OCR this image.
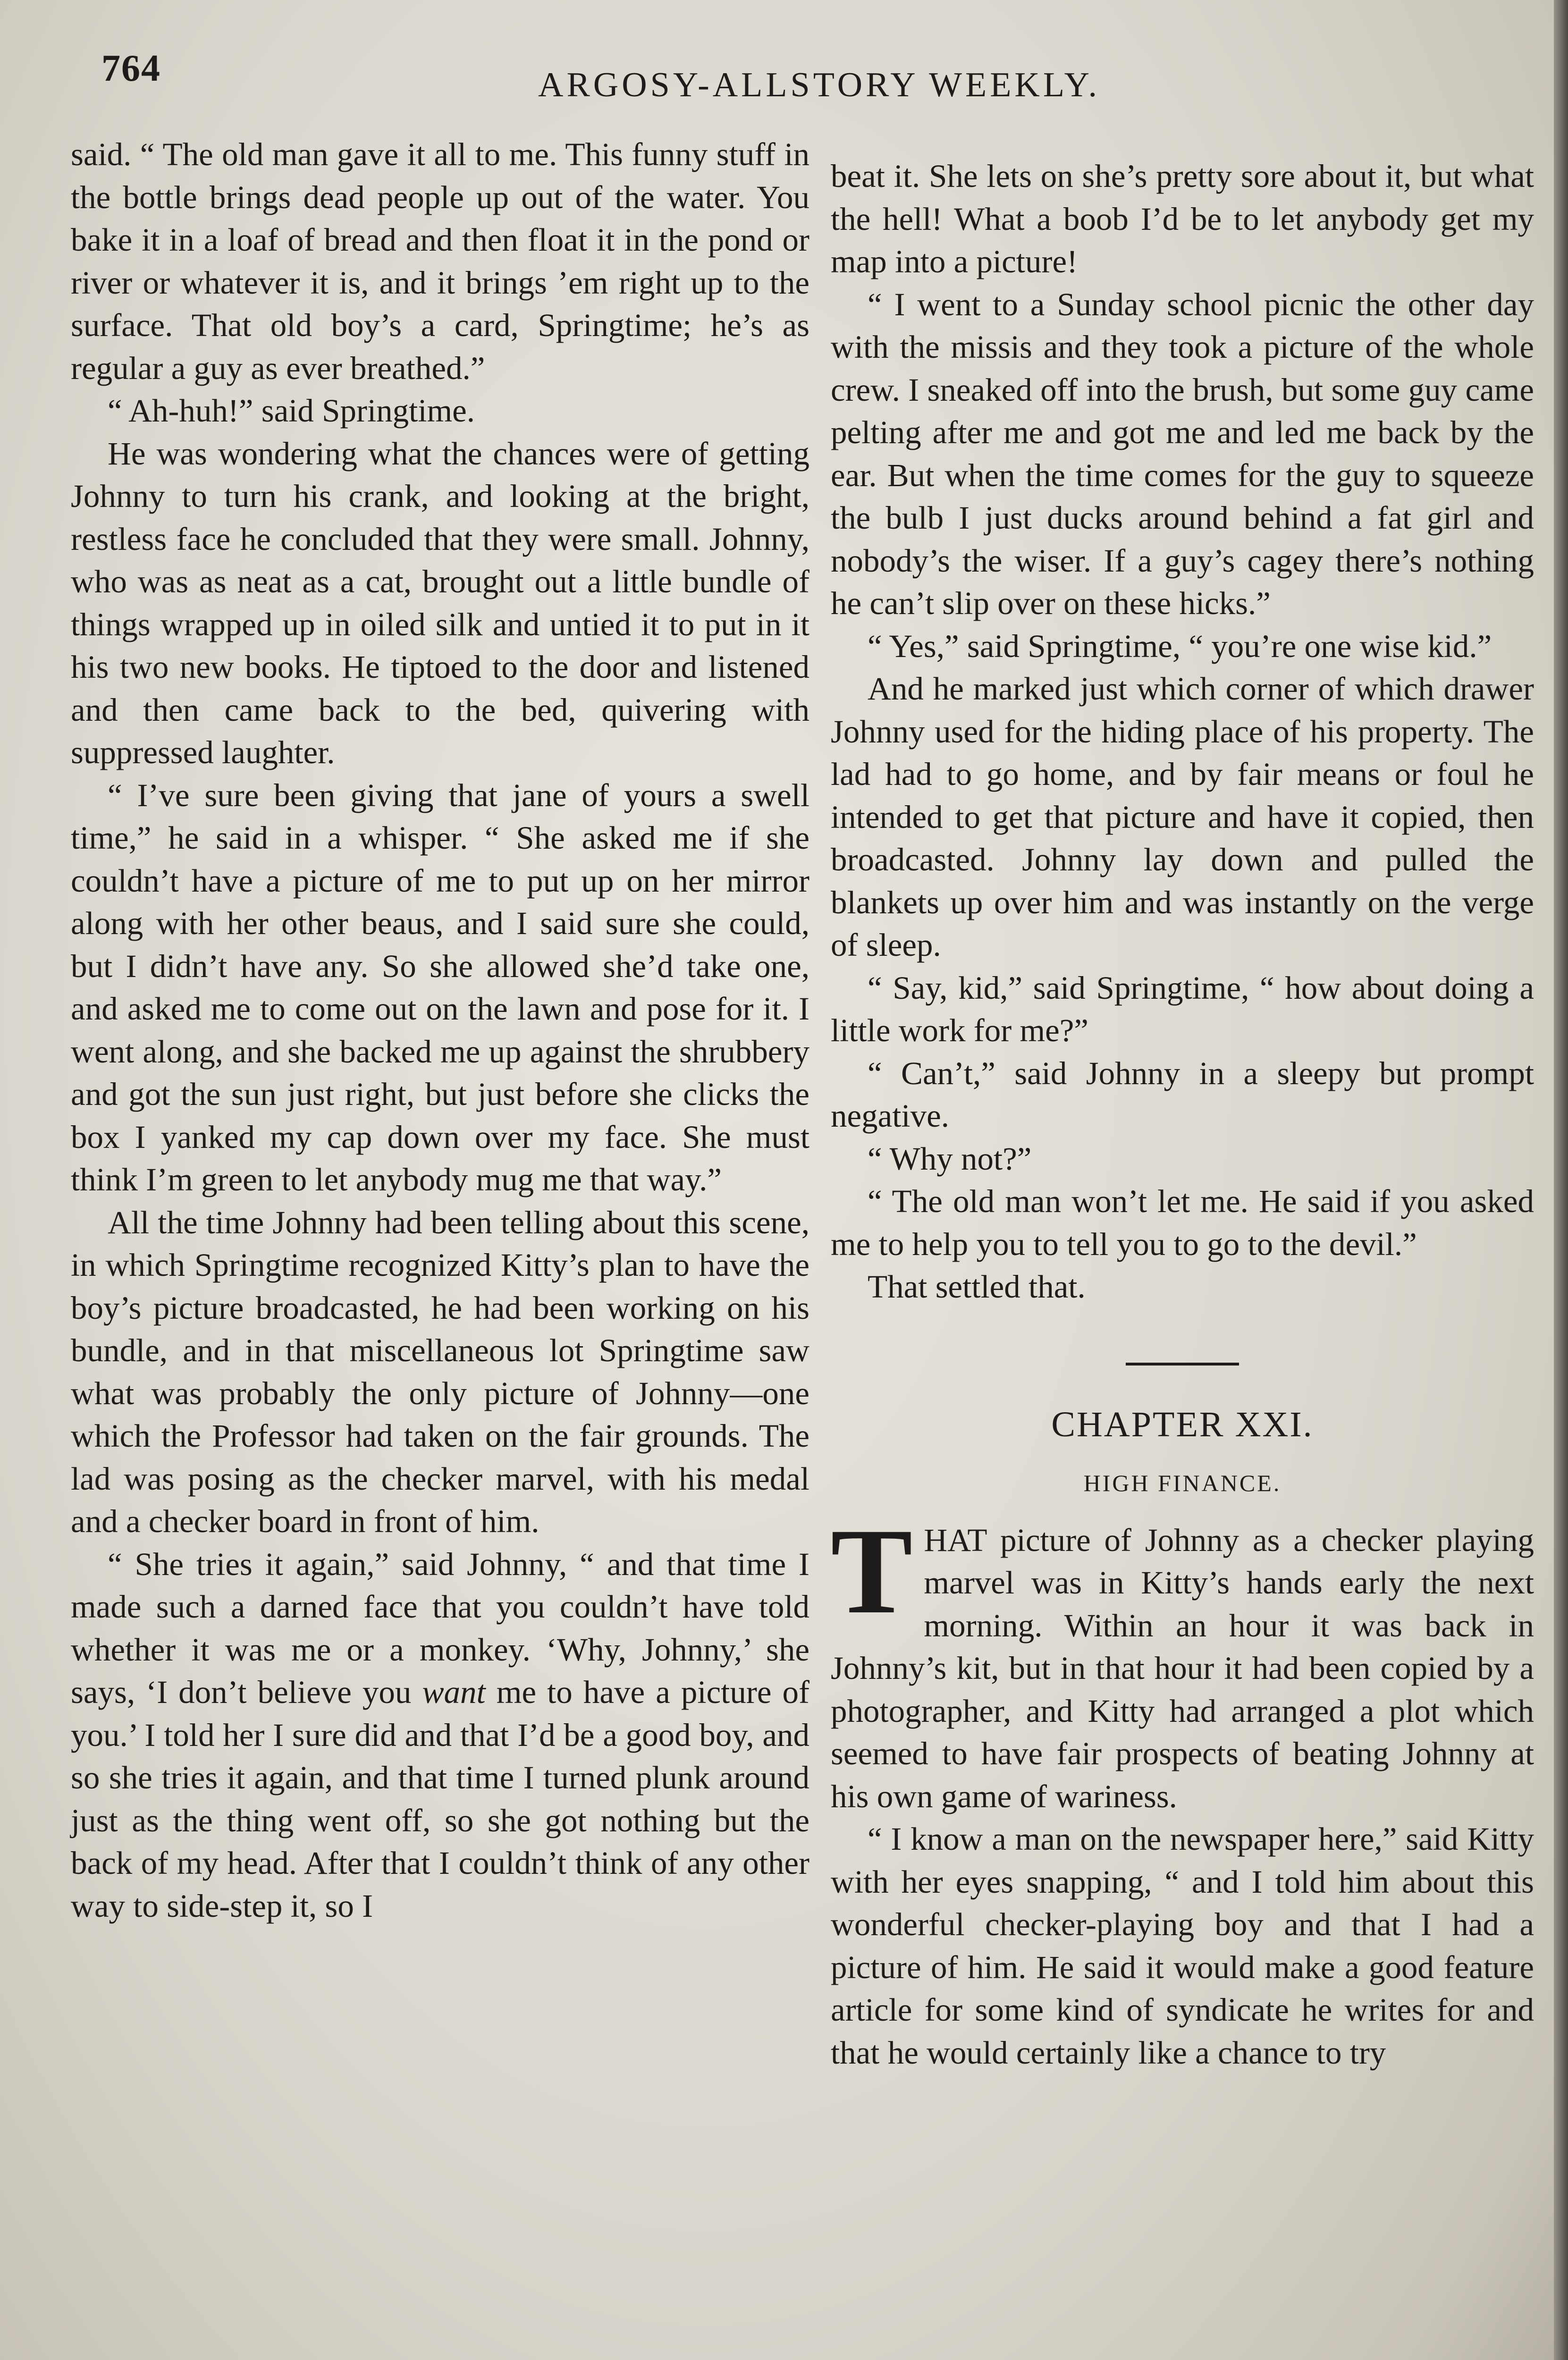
764	ARGOSY-ALLSTORY WEEKLY.

said. “ The old man gave it all to me. This funny stuff in the bottle brings dead people up out of the water. You bake it in a loaf of bread and then float it in the pond or river or whatever it is, and it brings ’em right up to the surface. That old boy’s a card, Springtime; he’s as regular a guy as ever breathed.”

“ Ah-huh!” said Springtime.

He was wondering what the chances were of getting Johnny to turn his crank, and looking at the bright, restless face he concluded that they were small. Johnny, who was as neat as a cat, brought out a little bundle of things wrapped up in oiled silk and untied it to put in it his two new books. He tiptoed to the door and listened and then came back to the bed, quivering with suppressed laughter.

“ I’ve sure been giving that jane of yours a swell time,” he said in a whisper. “ She asked me if she couldn’t have a picture of me to put up on her mirror along with her other beaus, and I said sure she could, but I didn’t have any. So she allowed she’d take one, and asked me to come out on the lawn and pose for it. I went along, and she backed me up against the shrubbery and got the sun just right, but just before she clicks the box I yanked my cap down over my face. She must think I’m green to let anybody mug me that way.”

All the time Johnny had been telling about this scene, in which Springtime recognized Kitty’s plan to have the boy’s picture broadcasted, he had been working on his bundle, and in that miscellaneous lot Springtime saw what was probably the only picture of Johnny—one which the Professor had taken on the fair grounds. The lad was posing as the checker marvel, with his medal and a checker board in front of him.

“ She tries it again,” said Johnny, “ and that time I made such a darned face that you couldn’t have told whether it was me or a monkey. ‘Why, Johnny,’ she says, ‘I don’t believe you want me to have a picture of you.’ I told her I sure did and that I’d be a good boy, and so she tries it again, and that time I turned plunk around just as the thing went off, so she got nothing but the back of my head. After that I couldn’t think of any other way to side-step it, so I

beat it. She lets on she’s pretty sore about it, but what the hell! What a boob I’d be to let anybody get my map into a picture!

“ I went to a Sunday school picnic the other day with the missis and they took a picture of the whole crew. I sneaked off into the brush, but some guy came pelting after me and got me and led me back by the ear. But when the time comes for the guy to squeeze the bulb I just ducks around behind a fat girl and nobody’s the wiser. If a guy’s cagey there’s nothing he can’t slip over on these hicks.”

“ Yes,” said Springtime, “ you’re one wise kid.”

And he marked just which corner of which drawer Johnny used for the hiding place of his property. The lad had to go home, and by fair means or foul he intended to get that picture and have it copied, then broadcasted. Johnny lay down and pulled the blankets up over him and was instantly on the verge of sleep.

“ Say, kid,” said Springtime, “ how about doing a little work for me?”

“ Can’t,” said Johnny in a sleepy but prompt negative.

“ Why not?”

“ The old man won’t let me. He said if you asked me to help you to tell you to go to the devil.”

That settled that.

CHAPTER XXI.
HIGH FINANCE.

THAT picture of Johnny as a checker playing marvel was in Kitty’s hands early the next morning. Within an hour it was back in Johnny’s kit, but in that hour it had been copied by a photographer, and Kitty had arranged a plot which seemed to have fair prospects of beating Johnny at his own game of wariness.

“ I know a man on the newspaper here,” said Kitty with her eyes snapping, “ and I told him about this wonderful checker-playing boy and that I had a picture of him. He said it would make a good feature article for some kind of syndicate he writes for and that he would certainly like a chance to try
